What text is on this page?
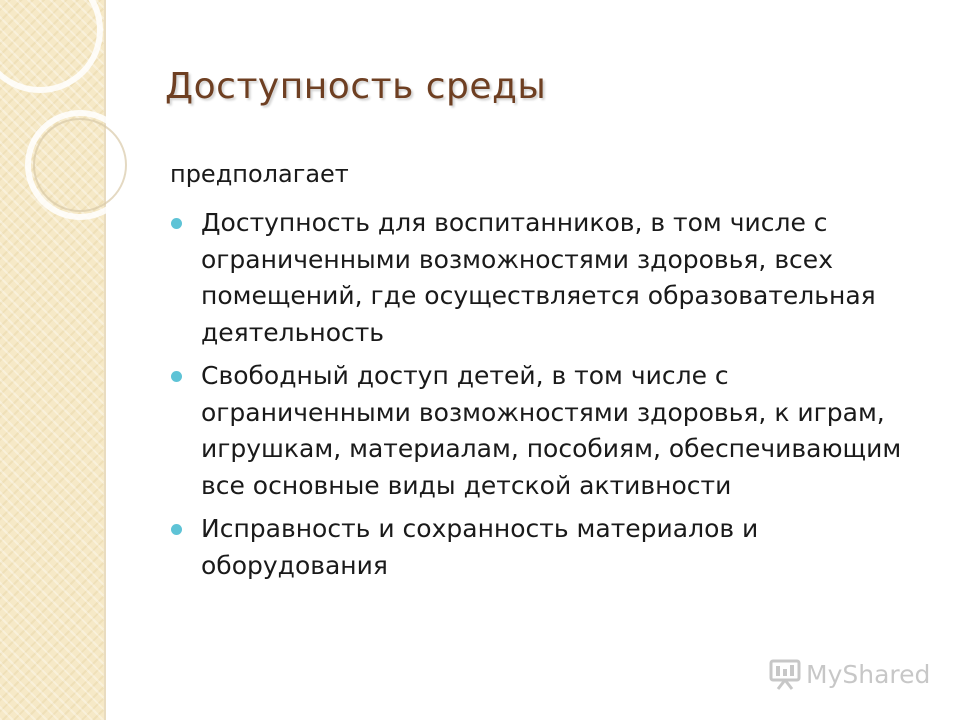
Доступность среды
предполагает
Доступность для воспитанников, в том числе с ограниченными возможностями здоровья, всех помещений, где осуществляется образовательная деятельность
Свободный доступ детей, в том числе с ограниченными возможностями здоровья, к играм, игрушкам, материалам, пособиям, обеспечивающим все основные виды детской активности
Исправность и сохранность материалов и оборудования
MyShared
